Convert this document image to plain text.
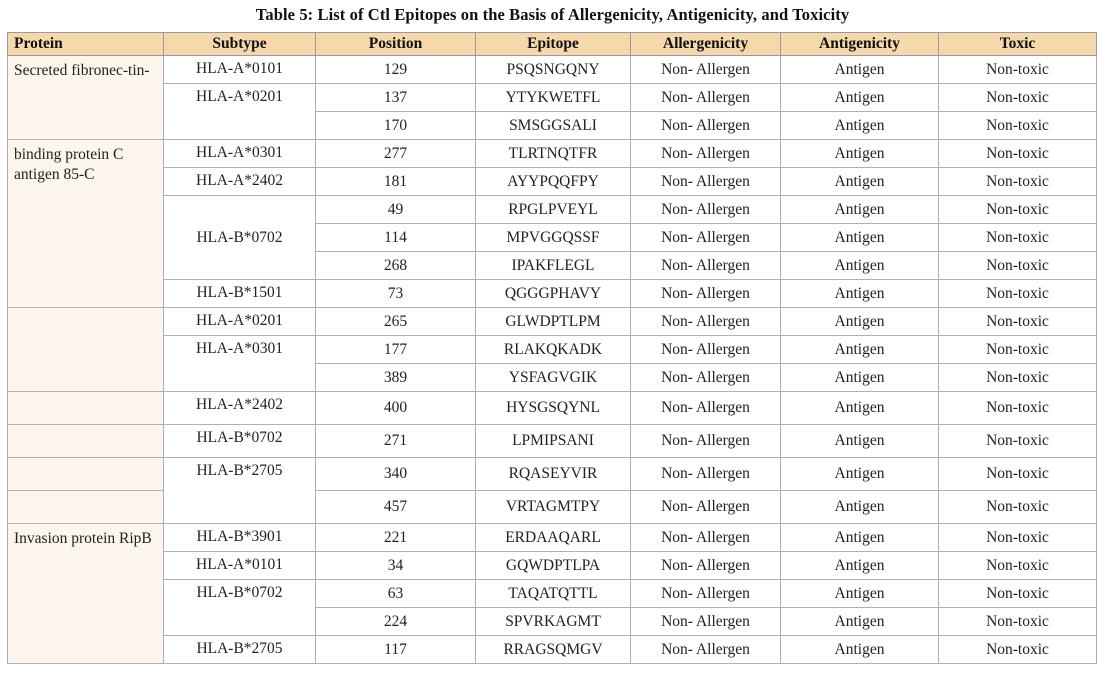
Table 5: List of Ctl Epitopes on the Basis of Allergenicity, Antigenicity, and Toxicity
Protein	Subtype	Position	Epitope	Allergenicity	Antigenicity	Toxic
Secreted fibronec-tin-	HLA-A*0101	129	PSQSNGQNY	Non- Allergen	Antigen	Non-toxic
	HLA-A*0201	137	YTYKWETFL	Non- Allergen	Antigen	Non-toxic
		170	SMSGGSALI	Non- Allergen	Antigen	Non-toxic
binding protein C antigen 85-C	HLA-A*0301	277	TLRTNQTFR	Non- Allergen	Antigen	Non-toxic
	HLA-A*2402	181	AYYPQQFPY	Non- Allergen	Antigen	Non-toxic
	HLA-B*0702	49	RPGLPVEYL	Non- Allergen	Antigen	Non-toxic
		114	MPVGGQSSF	Non- Allergen	Antigen	Non-toxic
		268	IPAKFLEGL	Non- Allergen	Antigen	Non-toxic
	HLA-B*1501	73	QGGGPHAVY	Non- Allergen	Antigen	Non-toxic
	HLA-A*0201	265	GLWDPTLPM	Non- Allergen	Antigen	Non-toxic
	HLA-A*0301	177	RLAKQKADK	Non- Allergen	Antigen	Non-toxic
		389	YSFAGVGIK	Non- Allergen	Antigen	Non-toxic
	HLA-A*2402	400	HYSGSQYNL	Non- Allergen	Antigen	Non-toxic
	HLA-B*0702	271	LPMIPSANI	Non- Allergen	Antigen	Non-toxic
	HLA-B*2705	340	RQASEYVIR	Non- Allergen	Antigen	Non-toxic
		457	VRTAGMTPY	Non- Allergen	Antigen	Non-toxic
Invasion protein RipB	HLA-B*3901	221	ERDAAQARL	Non- Allergen	Antigen	Non-toxic
	HLA-A*0101	34	GQWDPTLPA	Non- Allergen	Antigen	Non-toxic
	HLA-B*0702	63	TAQATQTTL	Non- Allergen	Antigen	Non-toxic
		224	SPVRKAGMT	Non- Allergen	Antigen	Non-toxic
	HLA-B*2705	117	RRAGSQMGV	Non- Allergen	Antigen	Non-toxic
